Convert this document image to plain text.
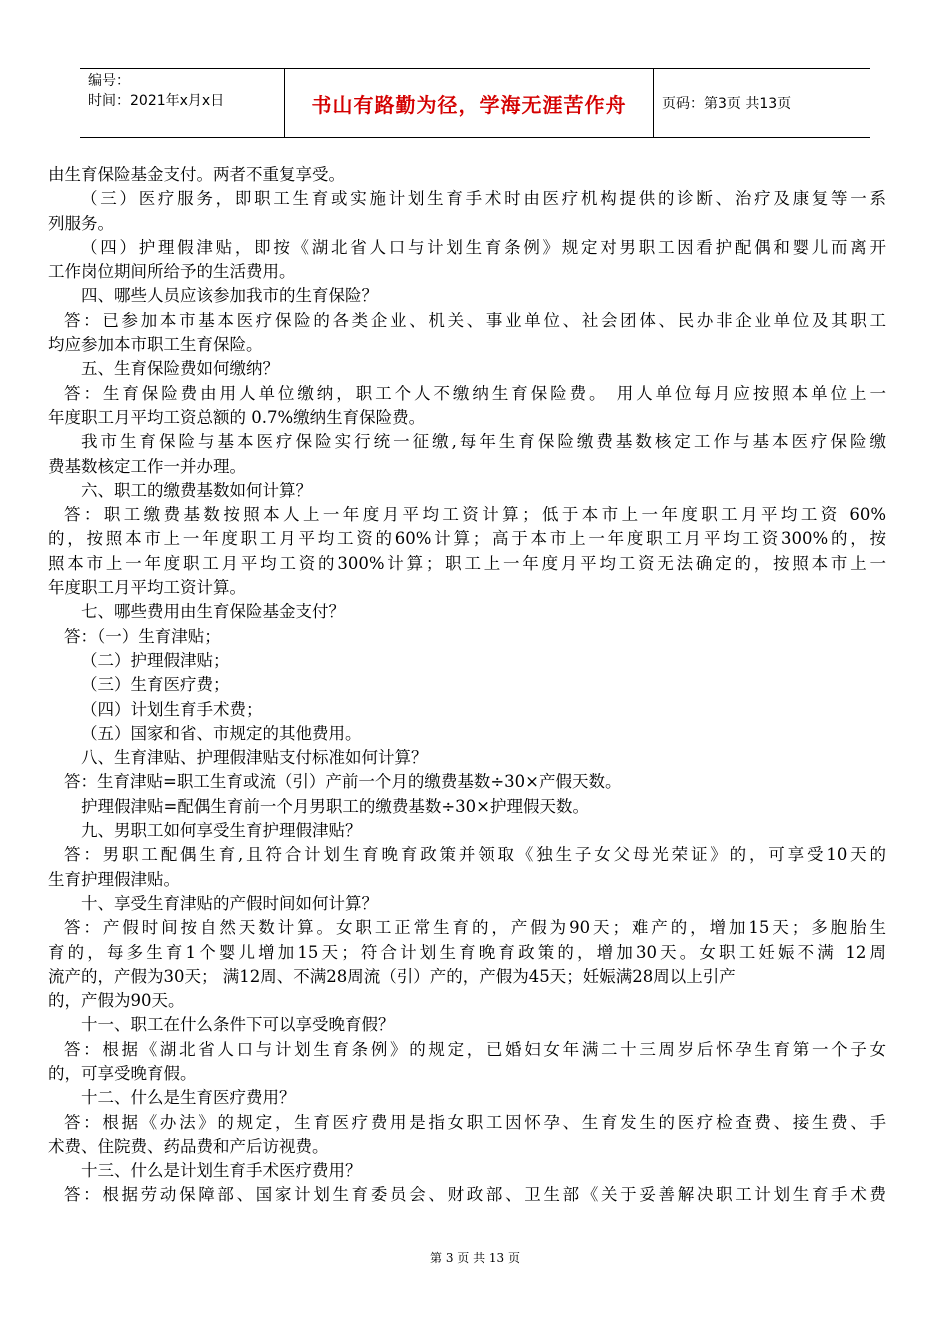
编号：
时间：2021年x月x日	书山有路勤为径，学海无涯苦作舟	页码：第3页 共13页
由生育保险基金支付。两者不重复享受。
（三）医疗服务，即职工生育或实施计划生育手术时由医疗机构提供的诊断、治疗及康复等一系
列服务。
（四）护理假津贴，即按《湖北省人口与计划生育条例》规定对男职工因看护配偶和婴儿而离开
工作岗位期间所给予的生活费用。
四、哪些人员应该参加我市的生育保险？
答：已参加本市基本医疗保险的各类企业、机关、事业单位、社会团体、民办非企业单位及其职工
均应参加本市职工生育保险。
五、生育保险费如何缴纳？
答：生育保险费由用人单位缴纳，职工个人不缴纳生育保险费。 用人单位每月应按照本单位上一
年度职工月平均工资总额的 0.7%缴纳生育保险费。
我市生育保险与基本医疗保险实行统一征缴,每年生育保险缴费基数核定工作与基本医疗保险缴
费基数核定工作一并办理。
六、职工的缴费基数如何计算？
答：职工缴费基数按照本人上一年度月平均工资计算；低于本市上一年度职工月平均工资 60%
的，按照本市上一年度职工月平均工资的60%计算；高于本市上一年度职工月平均工资300%的，按
照本市上一年度职工月平均工资的300%计算；职工上一年度月平均工资无法确定的，按照本市上一
年度职工月平均工资计算。
七、哪些费用由生育保险基金支付？
答：（一）生育津贴；
（二）护理假津贴；
（三）生育医疗费；
（四）计划生育手术费；
（五）国家和省、市规定的其他费用。
八、生育津贴、护理假津贴支付标准如何计算？
答：生育津贴=职工生育或流（引）产前一个月的缴费基数÷30×产假天数。
护理假津贴=配偶生育前一个月男职工的缴费基数÷30×护理假天数。
九、男职工如何享受生育护理假津贴？
答：男职工配偶生育,且符合计划生育晚育政策并领取《独生子女父母光荣证》的，可享受10天的
生育护理假津贴。
十、享受生育津贴的产假时间如何计算？
答：产假时间按自然天数计算。女职工正常生育的，产假为90天；难产的，增加15天；多胞胎生
育的，每多生育1个婴儿增加15天；符合计划生育晚育政策的，增加30天。女职工妊娠不满 12周
流产的，产假为30天； 满12周、不满28周流（引）产的，产假为45天；妊娠满28周以上引产
的，产假为90天。
十一、职工在什么条件下可以享受晚育假？
答：根据《湖北省人口与计划生育条例》的规定，已婚妇女年满二十三周岁后怀孕生育第一个子女
的，可享受晚育假。
十二、什么是生育医疗费用？
答：根据《办法》的规定，生育医疗费用是指女职工因怀孕、生育发生的医疗检查费、接生费、手
术费、住院费、药品费和产后访视费。
十三、什么是计划生育手术医疗费用？
答：根据劳动保障部、国家计划生育委员会、财政部、卫生部《关于妥善解决职工计划生育手术费
第 3 页 共 13 页
